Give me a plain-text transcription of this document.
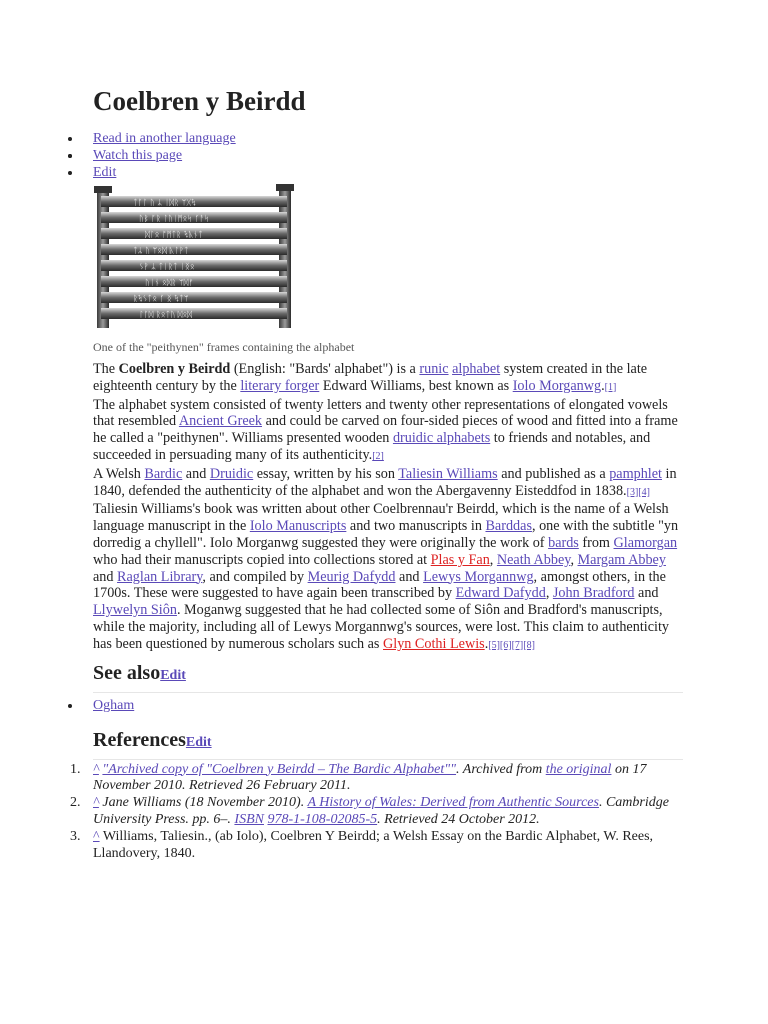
Coelbren y Beirdd
Read in another language
Watch this page
Edit
ᛏᚪᛚ ᚢ ᛦ ᛁᛞᚱ ᛘᚷᛪ
ᚢᛒ ᚪᚱ ᛚᚢᛁᛗᛟᛋ ᚴᚨᛋ
ᛞᛚᛟ ᚩᛗᛏᚱ ᛪᚣᚾᛏ
ᛏᛦ ᚢ ᛘᛟᛞ ᚣᛚᚹᛏ
ᛊᚹ ᛦ ᛏᛁᚱᛏ ᛁᛝᛟ
ᚢᛁᚾ ᛟᛞᚱ ᛘᛞᚠ
ᚱᛪᛊᛏᛟ ᚴ ᛝ ᛪᛏᛘ
ᛚᚪᛞ ᚱᛟᛏᚢ ᛞᛟᛞ
One of the "peithynen" frames containing the alphabet

The Coelbren y Beirdd (English: "Bards' alphabet") is a runic alphabet system created in the late eighteenth century by the literary forger Edward Williams, best known as Iolo Morganwg.[1]

The alphabet system consisted of twenty letters and twenty other representations of elongated vowels that resembled Ancient Greek and could be carved on four-sided pieces of wood and fitted into a frame he called a "peithynen". Williams presented wooden druidic alphabets to friends and notables, and succeeded in persuading many of its authenticity.[2]

A Welsh Bardic and Druidic essay, written by his son Taliesin Williams and published as a pamphlet in 1840, defended the authenticity of the alphabet and won the Abergavenny Eisteddfod in 1838.[3][4]

Taliesin Williams's book was written about other Coelbrennau'r Beirdd, which is the name of a Welsh language manuscript in the Iolo Manuscripts and two manuscripts in Barddas, one with the subtitle "yn dorredig a chyllell". Iolo Morganwg suggested they were originally the work of bards from Glamorgan who had their manuscripts copied into collections stored at Plas y Fan, Neath Abbey, Margam Abbey and Raglan Library, and compiled by Meurig Dafydd and Lewys Morgannwg, amongst others, in the 1700s. These were suggested to have again been transcribed by Edward Dafydd, John Bradford and Llywelyn Siôn. Moganwg suggested that he had collected some of Siôn and Bradford's manuscripts, while the majority, including all of Lewys Morgannwg's sources, were lost. This claim to authenticity has been questioned by numerous scholars such as Glyn Cothi Lewis.[5][6][7][8]

See alsoEdit
Ogham
ReferencesEdit
1. ^ "Archived copy of "Coelbren y Beirdd – The Bardic Alphabet"". Archived from the original on 17 November 2010. Retrieved 26 February 2011.
2. ^ Jane Williams (18 November 2010). A History of Wales: Derived from Authentic Sources. Cambridge University Press. pp. 6–. ISBN 978-1-108-02085-5. Retrieved 24 October 2012.
3. ^ Williams, Taliesin., (ab Iolo), Coelbren Y Beirdd; a Welsh Essay on the Bardic Alphabet, W. Rees, Llandovery, 1840.
